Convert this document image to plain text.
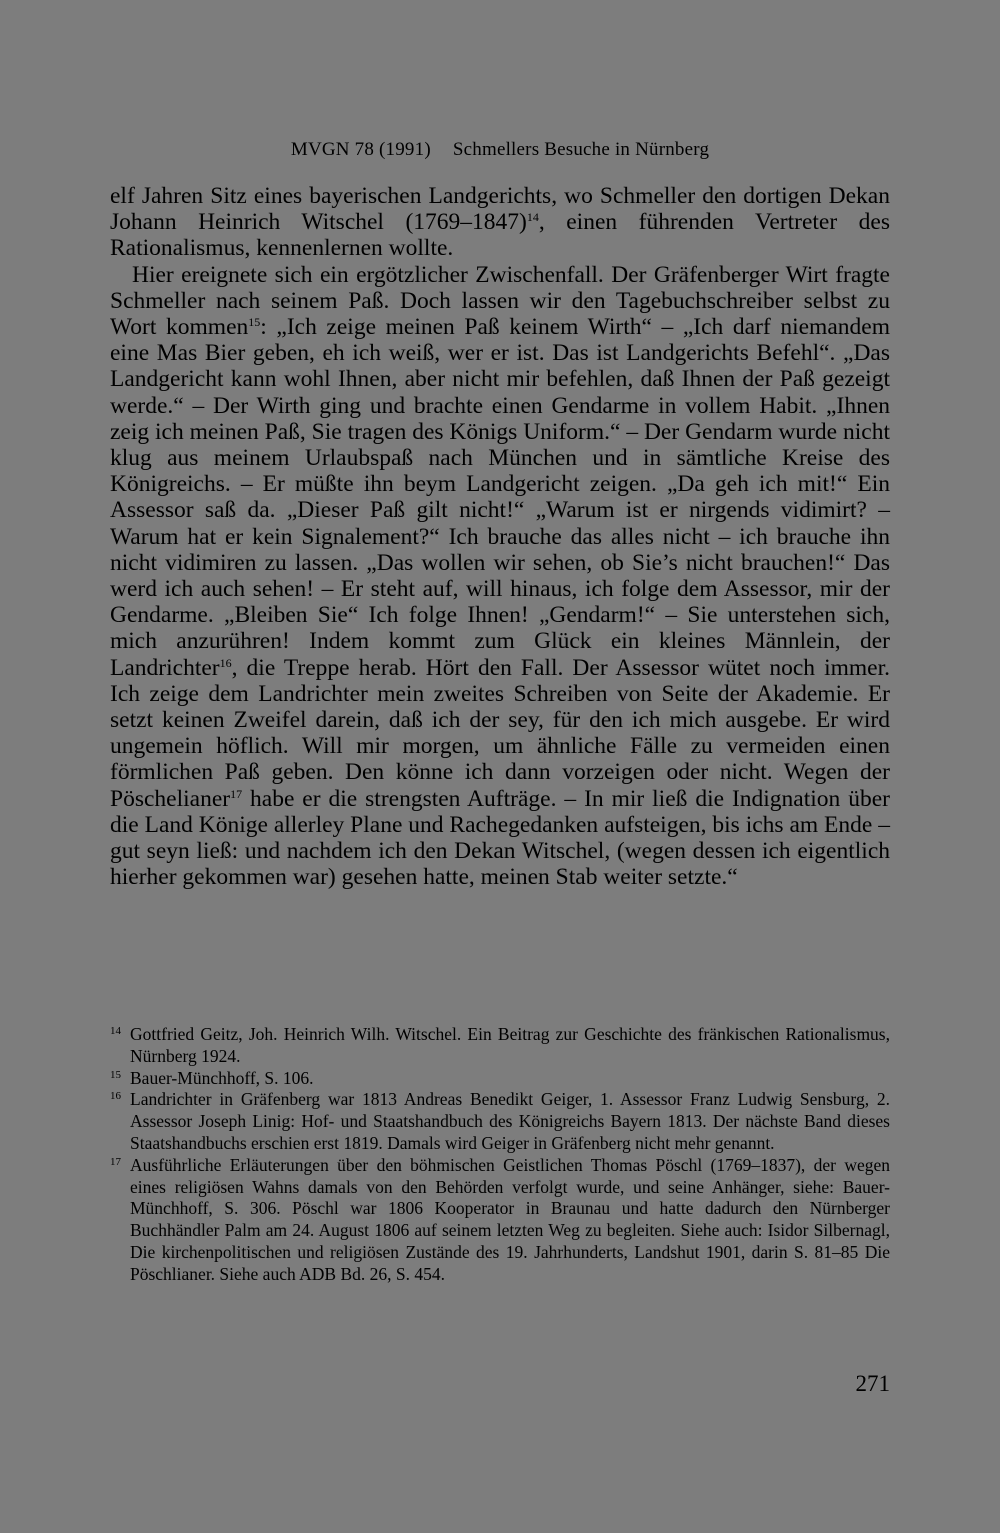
MVGN 78 (1991) Schmellers Besuche in Nürnberg

elf Jahren Sitz eines bayerischen Landgerichts, wo Schmeller den dortigen Dekan Johann Heinrich Witschel (1769–1847)$^{14}$, einen führenden Vertreter des Rationalismus, kennenlernen wollte.

Hier ereignete sich ein ergötzlicher Zwischenfall. Der Gräfenberger Wirt fragte Schmeller nach seinem Paß. Doch lassen wir den Tagebuchschreiber selbst zu Wort kommen$^{15}$: „Ich zeige meinen Paß keinem Wirth“ – „Ich darf niemandem eine Mas Bier geben, eh ich weiß, wer er ist. Das ist Landgerichts Befehl“. „Das Landgericht kann wohl Ihnen, aber nicht mir befehlen, daß Ihnen der Paß gezeigt werde.“ – Der Wirth ging und brachte einen Gendarme in vollem Habit. „Ihnen zeig ich meinen Paß, Sie tragen des Königs Uniform.“ – Der Gendarm wurde nicht klug aus meinem Urlaubspaß nach München und in sämtliche Kreise des Königreichs. – Er müßte ihn beym Landgericht zeigen. „Da geh ich mit!“ Ein Assessor saß da. „Dieser Paß gilt nicht!“ „Warum ist er nirgends vidimirt? – Warum hat er kein Signalement?“ Ich brauche das alles nicht – ich brauche ihn nicht vidimiren zu lassen. „Das wollen wir sehen, ob Sie’s nicht brauchen!“ Das werd ich auch sehen! – Er steht auf, will hinaus, ich folge dem Assessor, mir der Gendarme. „Bleiben Sie“ Ich folge Ihnen! „Gendarm!“ – Sie unterstehen sich, mich anzurühren! Indem kommt zum Glück ein kleines Männlein, der Landrichter$^{16}$, die Treppe herab. Hört den Fall. Der Assessor wütet noch immer. Ich zeige dem Landrichter mein zweites Schreiben von Seite der Akademie. Er setzt keinen Zweifel darein, daß ich der sey, für den ich mich ausgebe. Er wird ungemein höflich. Will mir morgen, um ähnliche Fälle zu vermeiden einen förmlichen Paß geben. Den könne ich dann vorzeigen oder nicht. Wegen der Pöschelianer$^{17}$ habe er die strengsten Aufträge. – In mir ließ die Indignation über die Land Könige allerley Plane und Rachegedanken aufsteigen, bis ichs am Ende – gut seyn ließ: und nachdem ich den Dekan Witschel, (wegen dessen ich eigentlich hierher gekommen war) gesehen hatte, meinen Stab weiter setzte.“

14 Gottfried Geitz, Joh. Heinrich Wilh. Witschel. Ein Beitrag zur Geschichte des fränkischen Rationalismus, Nürnberg 1924.
15 Bauer-Münchhoff, S. 106.
16 Landrichter in Gräfenberg war 1813 Andreas Benedikt Geiger, 1. Assessor Franz Ludwig Sensburg, 2. Assessor Joseph Linig: Hof- und Staatshandbuch des Königreichs Bayern 1813. Der nächste Band dieses Staatshandbuchs erschien erst 1819. Damals wird Geiger in Gräfenberg nicht mehr genannt.
17 Ausführliche Erläuterungen über den böhmischen Geistlichen Thomas Pöschl (1769–1837), der wegen eines religiösen Wahns damals von den Behörden verfolgt wurde, und seine Anhänger, siehe: Bauer-Münchhoff, S. 306. Pöschl war 1806 Kooperator in Braunau und hatte dadurch den Nürnberger Buchhändler Palm am 24. August 1806 auf seinem letzten Weg zu begleiten. Siehe auch: Isidor Silbernagl, Die kirchenpolitischen und religiösen Zustände des 19. Jahrhunderts, Landshut 1901, darin S. 81–85 Die Pöschlianer. Siehe auch ADB Bd. 26, S. 454.
271
